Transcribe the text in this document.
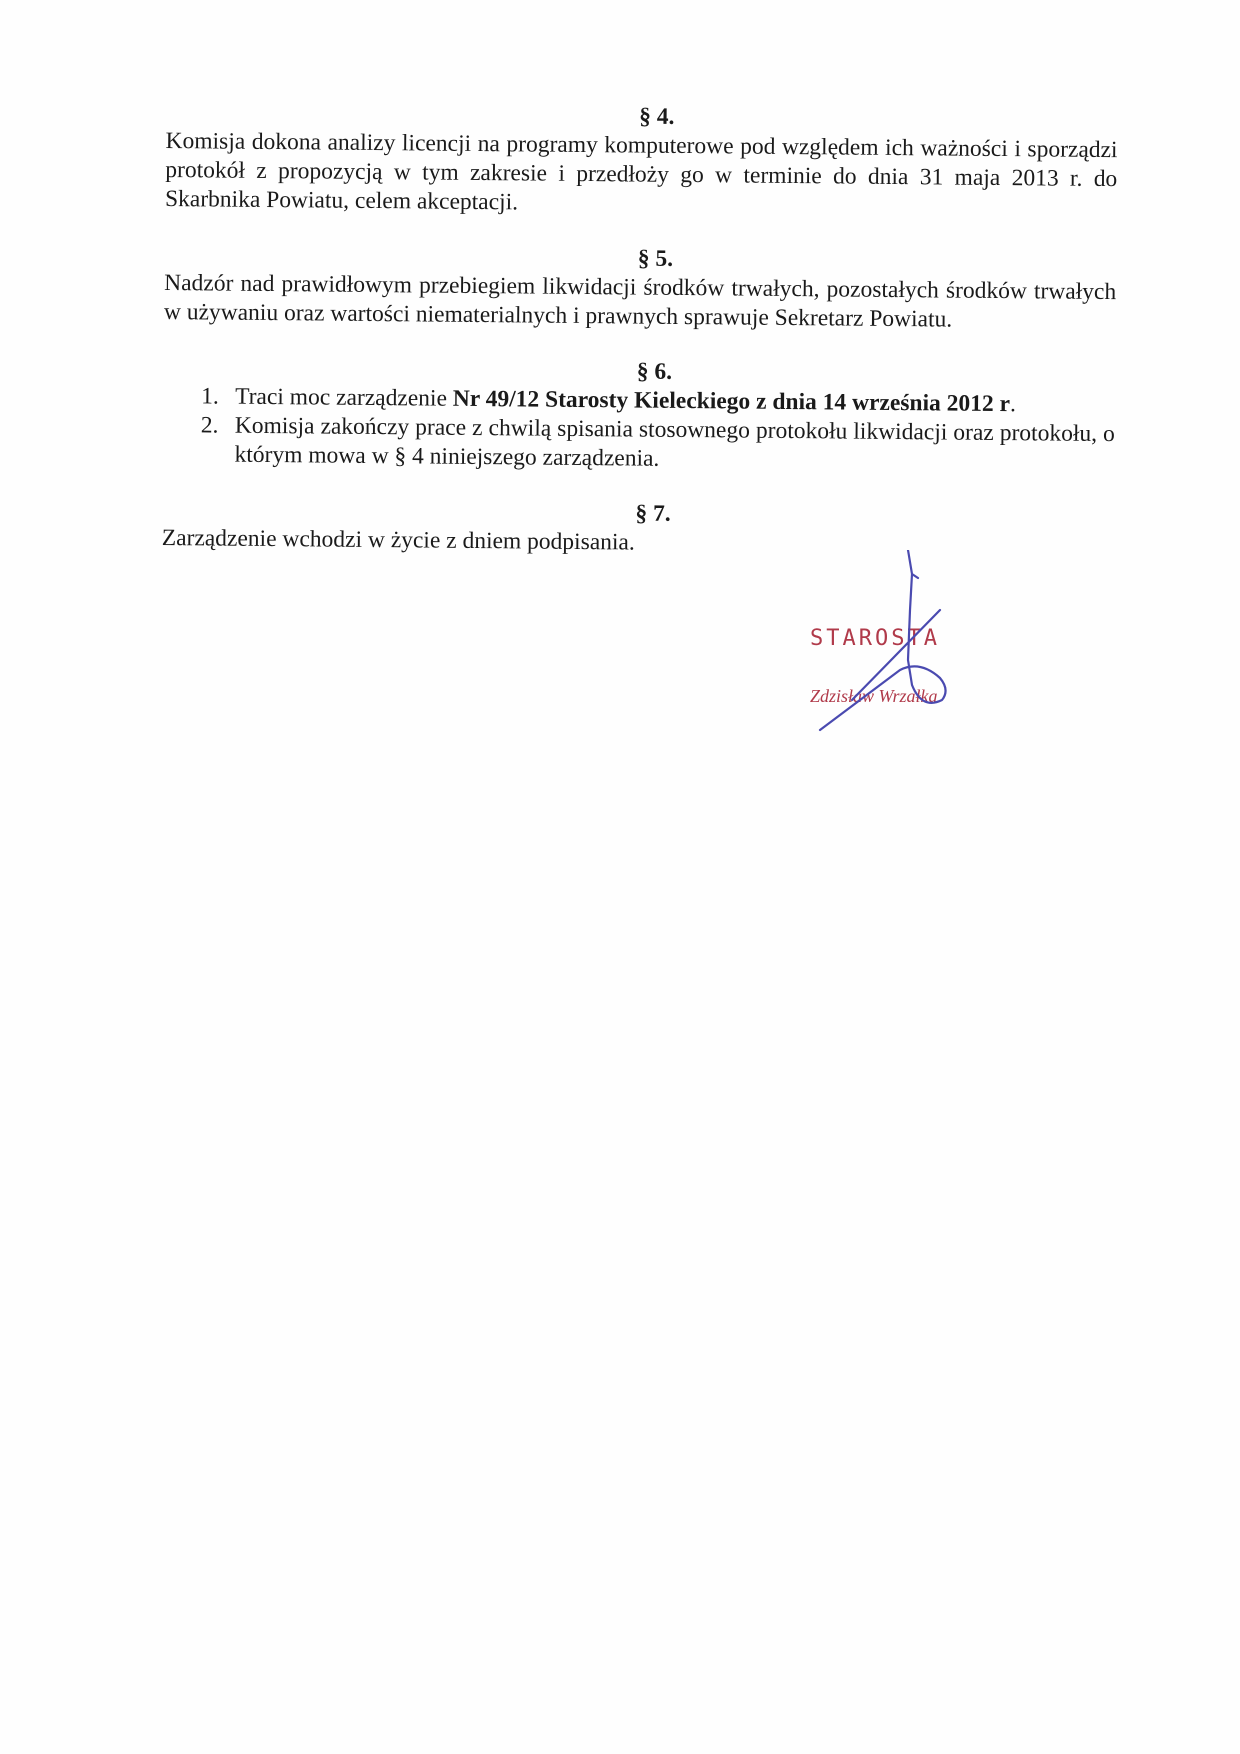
§ 4.

Komisja dokona analizy licencji na programy komputerowe pod względem ich ważności i sporządzi protokół z propozycją w tym zakresie i przedłoży go w terminie do dnia 31 maja 2013 r. do Skarbnika Powiatu, celem akceptacji.

§ 5.

Nadzór nad prawidłowym przebiegiem likwidacji środków trwałych, pozostałych środków trwałych w używaniu oraz wartości niematerialnych i prawnych sprawuje Sekretarz Powiatu.

§ 6.

1. Traci moc zarządzenie Nr 49/12 Starosty Kieleckiego z dnia 14 września 2012 r.
2. Komisja zakończy prace z chwilą spisania stosownego protokołu likwidacji oraz protokołu, o którym mowa w § 4 niniejszego zarządzenia.

§ 7.

Zarządzenie wchodzi w życie z dniem podpisania.

STAROSTA
Zdzisław Wrzałka
